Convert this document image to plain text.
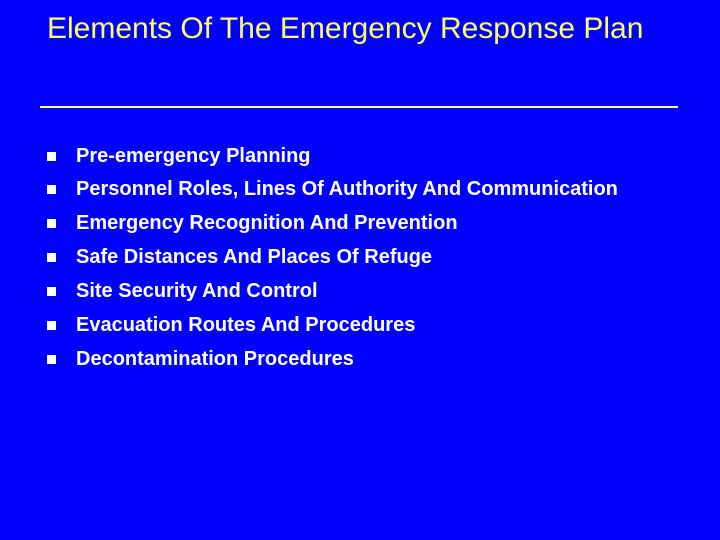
Elements Of The Emergency Response Plan
Pre-emergency Planning
Personnel Roles, Lines Of Authority And Communication
Emergency Recognition And Prevention
Safe Distances And Places Of Refuge
Site Security And Control
Evacuation Routes And Procedures
Decontamination Procedures
